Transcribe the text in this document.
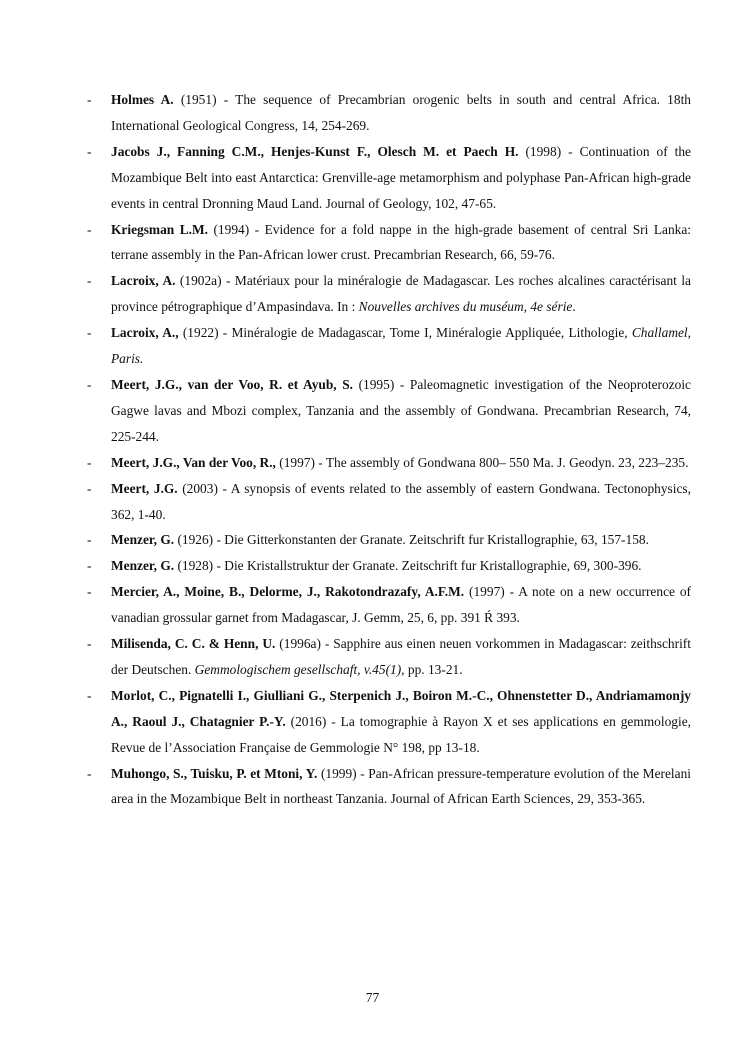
- Holmes A. (1951) - The sequence of Precambrian orogenic belts in south and central Africa. 18th International Geological Congress, 14, 254-269.
- Jacobs J., Fanning C.M., Henjes-Kunst F., Olesch M. et Paech H. (1998) - Continuation of the Mozambique Belt into east Antarctica: Grenville-age metamorphism and polyphase Pan-African high-grade events in central Dronning Maud Land. Journal of Geology, 102, 47-65.
- Kriegsman L.M. (1994) - Evidence for a fold nappe in the high-grade basement of central Sri Lanka: terrane assembly in the Pan-African lower crust. Precambrian Research, 66, 59-76.
- Lacroix, A. (1902a) - Matériaux pour la minéralogie de Madagascar. Les roches alcalines caractérisant la province pétrographique d’Ampasindava. In : Nouvelles archives du muséum, 4e série.
- Lacroix, A., (1922) - Minéralogie de Madagascar, Tome I, Minéralogie Appliquée, Lithologie, Challamel, Paris.
- Meert, J.G., van der Voo, R. et Ayub, S. (1995) - Paleomagnetic investigation of the Neoproterozoic Gagwe lavas and Mbozi complex, Tanzania and the assembly of Gondwana. Precambrian Research, 74, 225-244.
- Meert, J.G., Van der Voo, R., (1997) - The assembly of Gondwana 800– 550 Ma. J. Geodyn. 23, 223–235.
- Meert, J.G. (2003) - A synopsis of events related to the assembly of eastern Gondwana. Tectonophysics, 362, 1-40.
- Menzer, G. (1926) - Die Gitterkonstanten der Granate. Zeitschrift fur Kristallographie, 63, 157-158.
- Menzer, G. (1928) - Die Kristallstruktur der Granate. Zeitschrift fur Kristallographie, 69, 300-396.
- Mercier, A., Moine, B., Delorme, J., Rakotondrazafy, A.F.M. (1997) - A note on a new occurrence of vanadian grossular garnet from Madagascar, J. Gemm, 25, 6, pp. 391 Ŕ 393.
- Milisenda, C. C. & Henn, U. (1996a) - Sapphire aus einen neuen vorkommen in Madagascar: zeithschrift der Deutschen. Gemmologischem gesellschaft, v.45(1), pp. 13-21.
- Morlot, C., Pignatelli I., Giulliani G., Sterpenich J., Boiron M.-C., Ohnenstetter D., Andriamamonjy A., Raoul J., Chatagnier P.-Y. (2016) - La tomographie à Rayon X et ses applications en gemmologie, Revue de l’Association Française de Gemmologie N° 198, pp 13-18.
- Muhongo, S., Tuisku, P. et Mtoni, Y. (1999) - Pan-African pressure-temperature evolution of the Merelani area in the Mozambique Belt in northeast Tanzania. Journal of African Earth Sciences, 29, 353-365.
77
